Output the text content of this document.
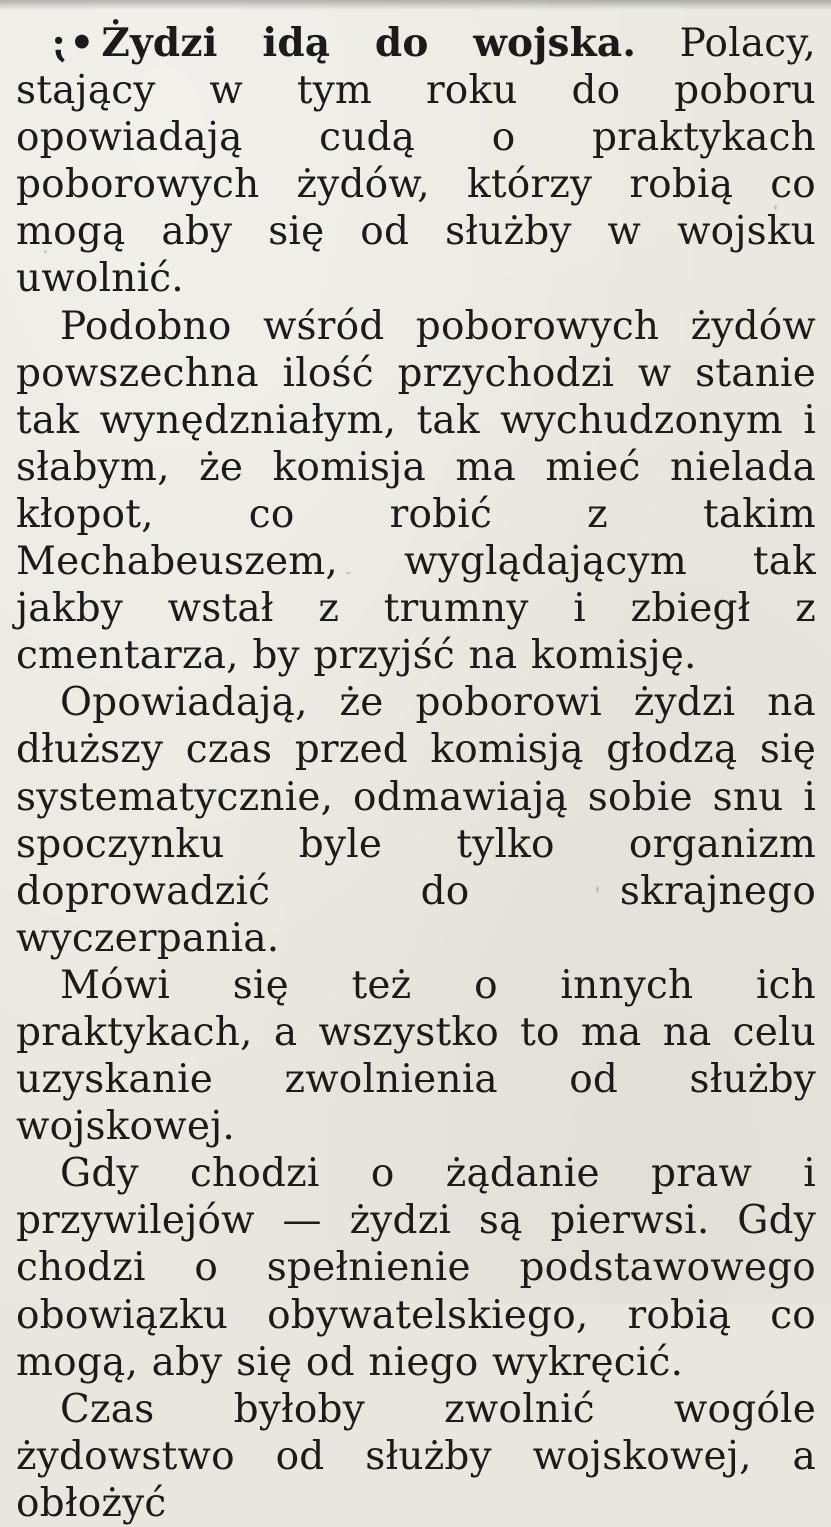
⁏• Żydzi idą do wojska. Polacy, stający w tym roku do poboru opowiadają cudą o praktykach poborowych żydów, którzy robią co mogą aby się od służby w wojsku uwolnić.

Podobno wśród poborowych żydów powszechna ilość przychodzi w stanie tak wynędzniałym, tak wychudzonym i słabym, że komisja ma mieć nielada kłopot, co robić z takim Mechabeuszem, wyglądającym tak jakby wstał z trumny i zbiegł z cmentarza, by przyjść na komisję.

Opowiadają, że poborowi żydzi na dłuższy czas przed komisją głodzą się systematycznie, odmawiają sobie snu i spoczynku byle tylko organizm doprowadzić do skrajnego wyczerpania.

Mówi się też o innych ich praktykach, a wszystko to ma na celu uzyskanie zwolnienia od służby wojskowej.

Gdy chodzi o żądanie praw i przywilejów — żydzi są pierwsi. Gdy chodzi o spełnienie podstawowego obowiązku obywatelskiego, robią co mogą, aby się od niego wykręcić.

Czas byłoby zwolnić wogóle żydowstwo od służby wojskowej, a obłożyć
